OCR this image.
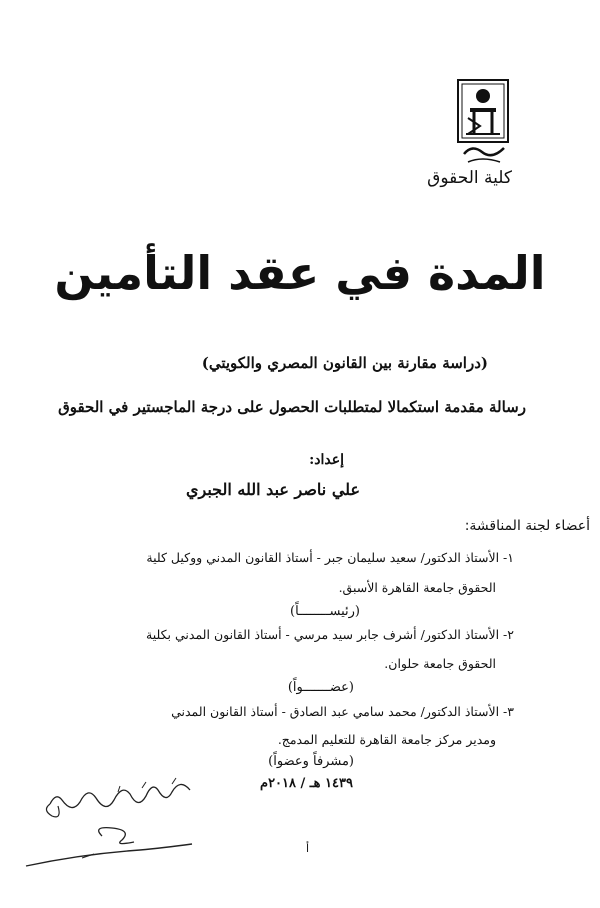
كلية الحقوق
المدة في عقد التأمين
(دراسة مقارنة بين القانون المصري والكويتي)
رسالة مقدمة استكمالا لمتطلبات الحصول على درجة الماجستير في الحقوق
إعداد:
علي ناصر عبد الله الجبري
أعضاء لجنة المناقشة:
١- الأستاذ الدكتور/ سعيد سليمان جبر - أستاذ القانون المدني ووكيل كلية
الحقوق جامعة القاهرة الأسبق.
(رئيســــــــاً)
٢- الأستاذ الدكتور/ أشرف جابر سيد مرسي - أستاذ القانون المدني بكلية
الحقوق جامعة حلوان.
(عضـــــــواً)
٣- الأستاذ الدكتور/ محمد سامي عبد الصادق - أستاذ القانون المدني
ومدير مركز جامعة القاهرة للتعليم المدمج.
(مشرفاً وعضواً)
١٤٣٩ هـ / ٢٠١٨م
أ
